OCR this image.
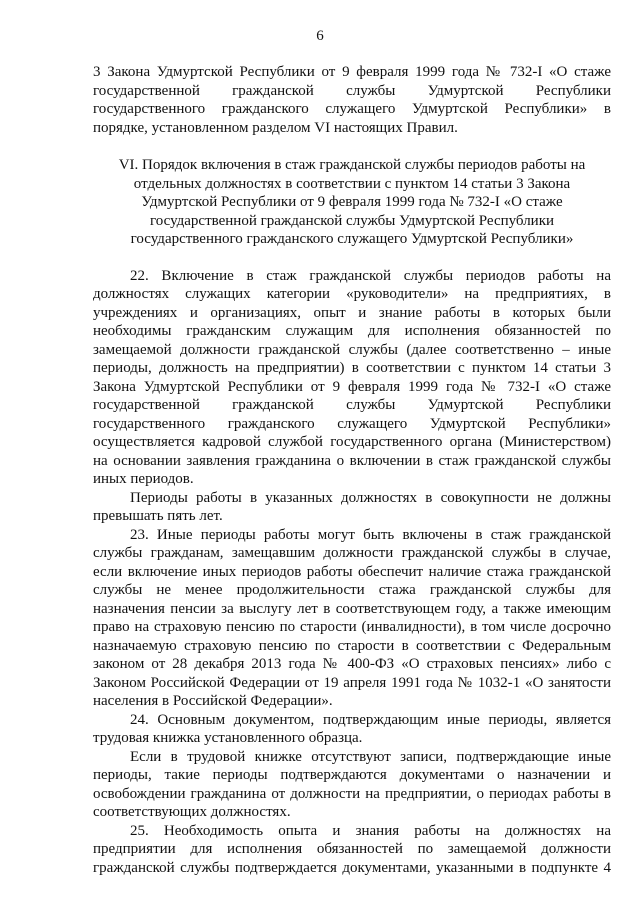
6
3 Закона Удмуртской Республики от 9 февраля 1999 года № 732-I «О стаже
государственной гражданской службы Удмуртской Республики
государственного гражданского служащего Удмуртской Республики» в
порядке, установленном разделом VI настоящих Правил.
VI. Порядок включения в стаж гражданской службы периодов работы на
отдельных должностях в соответствии с пунктом 14 статьи 3 Закона
Удмуртской Республики от 9 февраля 1999 года № 732-I «О стаже
государственной гражданской службы Удмуртской Республики
государственного гражданского служащего Удмуртской Республики»
22. Включение в стаж гражданской службы периодов работы на
должностях служащих категории «руководители» на предприятиях, в
учреждениях и организациях, опыт и знание работы в которых были
необходимы гражданским служащим для исполнения обязанностей по
замещаемой должности гражданской службы (далее соответственно – иные
периоды, должность на предприятии) в соответствии с пунктом 14 статьи 3
Закона Удмуртской Республики от 9 февраля 1999 года № 732-I «О стаже
государственной гражданской службы Удмуртской Республики
государственного гражданского служащего Удмуртской Республики»
осуществляется кадровой службой государственного органа (Министерством)
на основании заявления гражданина о включении в стаж гражданской службы
иных периодов.
Периоды работы в указанных должностях в совокупности не должны
превышать пять лет.
23. Иные периоды работы могут быть включены в стаж гражданской
службы гражданам, замещавшим должности гражданской службы в случае,
если включение иных периодов работы обеспечит наличие стажа гражданской
службы не менее продолжительности стажа гражданской службы для
назначения пенсии за выслугу лет в соответствующем году, а также имеющим
право на страховую пенсию по старости (инвалидности), в том числе досрочно
назначаемую страховую пенсию по старости в соответствии с Федеральным
законом от 28 декабря 2013 года № 400-ФЗ «О страховых пенсиях» либо с
Законом Российской Федерации от 19 апреля 1991 года № 1032-1 «О занятости
населения в Российской Федерации».
24. Основным документом, подтверждающим иные периоды, является
трудовая книжка установленного образца.
Если в трудовой книжке отсутствуют записи, подтверждающие иные
периоды, такие периоды подтверждаются документами о назначении и
освобождении гражданина от должности на предприятии, о периодах работы в
соответствующих должностях.
25. Необходимость опыта и знания работы на должностях на
предприятии для исполнения обязанностей по замещаемой должности
гражданской службы подтверждается документами, указанными в подпункте 4
